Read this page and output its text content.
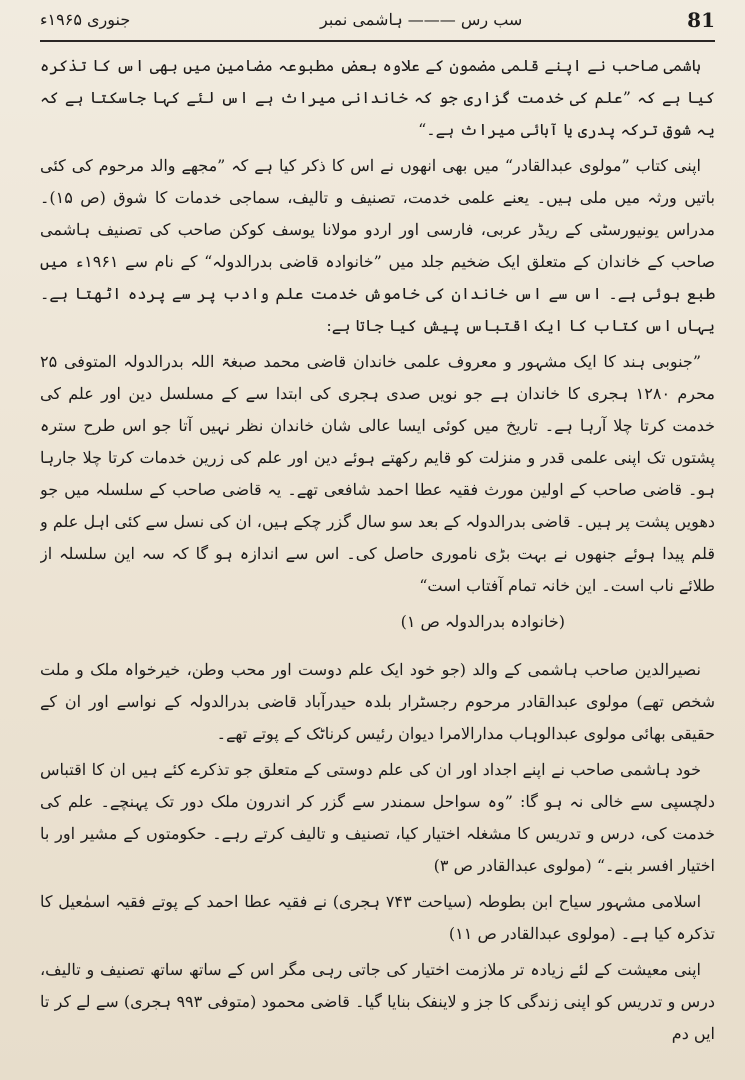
81
سب رس ——— ہاشمی نمبر
جنوری ۱۹۶۵ء

ہاشمی صاحب نے اپنے قلمی مضمون کے علاوہ بعض مطبوعہ مضامین میں بھی اس کا تذکرہ کیا ہے کہ ”علم کی خدمت گزاری جو کہ خاندانی میراث ہے اس لئے کہا جاسکتا ہے کہ یہ شوق ترکہ پدری یا آبائی میراث ہے۔“

اپنی کتاب ”مولوی عبدالقادر“ میں بھی انھوں نے اس کا ذکر کیا ہے کہ ”مجھے والد مرحوم کی کئی باتیں ورثہ میں ملی ہیں۔ یعنے علمی خدمت، تصنیف و تالیف، سماجی خدمات کا شوق (ص ۱۵)۔ مدراس یونیورسٹی کے ریڈر عربی، فارسی اور اردو مولانا یوسف کوکن صاحب کی تصنیف ہاشمی صاحب کے خاندان کے متعلق ایک ضخیم جلد میں ”خانوادہ قاضی بدرالدولہ“ کے نام سے ۱۹۶۱ء میں طبع ہوئی ہے۔ اس سے اس خاندان کی خاموش خدمت علم وادب پر سے پردہ اٹھتا ہے۔ یہاں اس کتاب کا ایک اقتباس پیش کیا جاتا ہے:

”جنوبی ہند کا ایک مشہور و معروف علمی خاندان قاضی محمد صبغۃ اللہ بدرالدولہ المتوفی ۲۵ محرم ۱۲۸۰ ہجری کا خاندان ہے جو نویں صدی ہجری کی ابتدا سے کے مسلسل دین اور علم کی خدمت کرتا چلا آرہا ہے۔ تاریخ میں کوئی ایسا عالی شان خاندان نظر نہیں آتا جو اس طرح سترہ پشتوں تک اپنی علمی قدر و منزلت کو قایم رکھتے ہوئے دین اور علم کی زرین خدمات کرتا چلا جارہا ہو۔ قاضی صاحب کے اولین مورث فقیہ عطا احمد شافعی تھے۔ یہ قاضی صاحب کے سلسلہ میں جو دھویں پشت پر ہیں۔ قاضی بدرالدولہ کے بعد سو سال گزر چکے ہیں، ان کی نسل سے کئی اہل علم و قلم پیدا ہوئے جنھوں نے بہت بڑی ناموری حاصل کی۔ اس سے اندازہ ہو گا کہ سہ این سلسلہ از طلائے ناب است۔ این خانہ تمام آفتاب است“

(خانوادہ بدرالدولہ ص ۱)

نصیرالدین صاحب ہاشمی کے والد (جو خود ایک علم دوست اور محب وطن، خیرخواہ ملک و ملت شخص تھے) مولوی عبدالقادر مرحوم رجسٹرار بلدہ حیدرآباد قاضی بدرالدولہ کے نواسے اور ان کے حقیقی بھائی مولوی عبدالوہاب مدارالامرا دیوان رئیس کرناٹک کے پوتے تھے۔

خود ہاشمی صاحب نے اپنے اجداد اور ان کی علم دوستی کے متعلق جو تذکرے کئے ہیں ان کا اقتباس دلچسپی سے خالی نہ ہو گا: ”وہ سواحل سمندر سے گزر کر اندرون ملک دور تک پہنچے۔ علم کی خدمت کی، درس و تدریس کا مشغلہ اختیار کیا، تصنیف و تالیف کرتے رہے۔ حکومتوں کے مشیر اور با اختیار افسر بنے۔“ (مولوی عبدالقادر ص ۳)

اسلامی مشہور سیاح ابن بطوطہ (سیاحت ۷۴۳ ہجری) نے فقیہ عطا احمد کے پوتے فقیہ اسمٰعیل کا تذکرہ کیا ہے۔ (مولوی عبدالقادر ص ۱۱)

اپنی معیشت کے لئے زیادہ تر ملازمت اختیار کی جاتی رہی مگر اس کے ساتھ ساتھ تصنیف و تالیف، درس و تدریس کو اپنی زندگی کا جز و لاینفک بنایا گیا۔ قاضی محمود (متوفی ۹۹۳ ہجری) سے لے کر تا ایں دم
